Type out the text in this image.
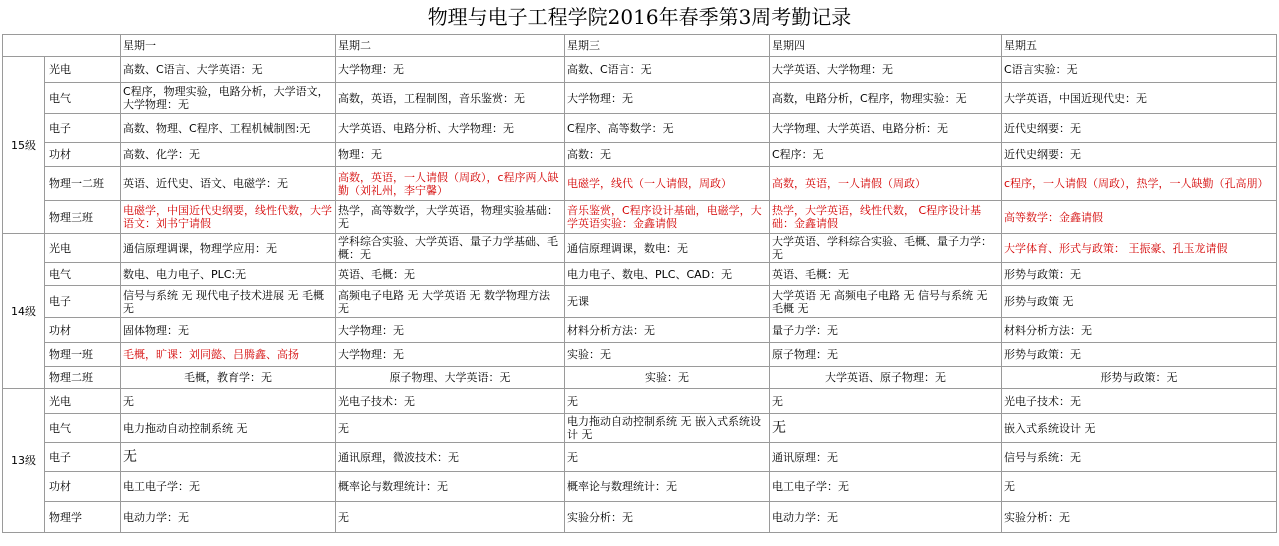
物理与电子工程学院2016年春季第3周考勤记录
		星期一	星期二	星期三	星期四	星期五
15级	光电	高数、C语言、大学英语：无	大学物理：无	高数、C语言：无	大学英语、大学物理：无	C语言实验：无
	电气	C程序，物理实验，电路分析，大学语文，大学物理：无	高数，英语，工程制图，音乐鉴赏：无	大学物理：无	高数，电路分析，C程序，物理实验：无	大学英语，中国近现代史：无
	电子	高数、物理、C程序、工程机械制图:无	大学英语、电路分析、大学物理：无	C程序、高等数学：无	大学物理、大学英语、电路分析：无	近代史纲要：无
	功材	高数、化学：无	物理：无	高数：无	C程序：无	近代史纲要：无
	物理一二班	英语、近代史、语文、电磁学：无	高数，英语，一人请假（周政），c程序两人缺勤（刘礼州，李宁馨）	电磁学，线代（一人请假，周政）	高数，英语，一人请假（周政）	c程序，一人请假（周政），热学，一人缺勤（孔高朋）
	物理三班	电磁学，中国近代史纲要，线性代数，大学语文：刘书宁请假	热学，高等数学，大学英语，物理实验基础：无	音乐鉴赏，C程序设计基础，电磁学，大学英语实验：金鑫请假	热学，大学英语，线性代数， C程序设计基础：金鑫请假	高等数学：金鑫请假
14级	光电	通信原理调课，物理学应用：无	学科综合实验、大学英语、量子力学基础、毛概：无	通信原理调课，数电：无	大学英语、学科综合实验、毛概、量子力学：无	大学体育、形式与政策： 王振豪、孔玉龙请假
	电气	数电、电力电子、PLC:无	英语、毛概：无	电力电子、数电、PLC、CAD：无	英语、毛概：无	形势与政策：无
	电子	信号与系统 无 现代电子技术进展 无 毛概 无	高频电子电路 无 大学英语 无 数学物理方法 无	无课	大学英语 无 高频电子电路 无 信号与系统 无 毛概 无	形势与政策 无
	功材	固体物理：无	大学物理：无	材料分析方法：无	量子力学：无	材料分析方法：无
	物理一班	毛概，旷课：刘同懿、吕腾鑫、高扬	大学物理：无	实验：无	原子物理：无	形势与政策：无
	物理二班	毛概，教育学：无	原子物理、大学英语：无	实验：无	大学英语、原子物理：无	形势与政策：无
13级	光电	无	光电子技术：无	无	无	光电子技术：无
	电气	电力拖动自动控制系统 无	无	电力拖动自动控制系统 无 嵌入式系统设计 无	无	嵌入式系统设计 无
	电子	无	通讯原理，微波技术：无	无	通讯原理：无	信号与系统：无
	功材	电工电子学：无	概率论与数理统计：无	概率论与数理统计：无	电工电子学：无	无
	物理学	电动力学：无	无	实验分析：无	电动力学：无	实验分析：无
